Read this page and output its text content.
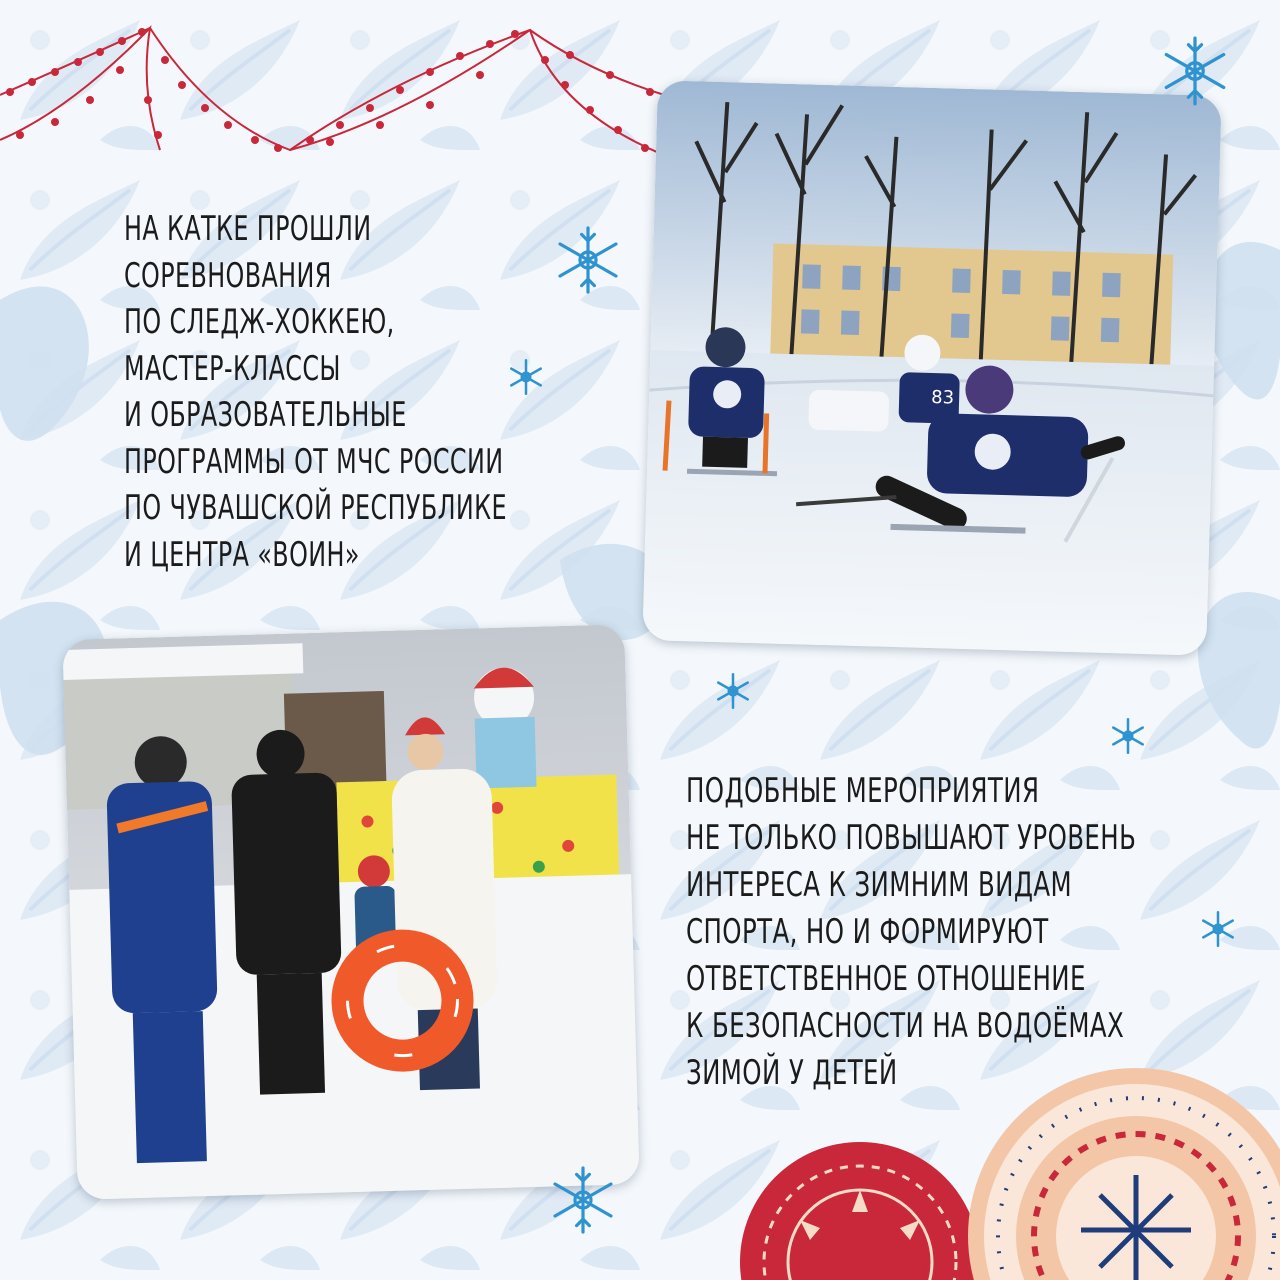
НА КАТКЕ ПРОШЛИ
СОРЕВНОВАНИЯ
ПО СЛЕДЖ-ХОККЕЮ,
МАСТЕР-КЛАССЫ
И ОБРАЗОВАТЕЛЬНЫЕ
ПРОГРАММЫ ОТ МЧС РОССИИ
ПО ЧУВАШСКОЙ РЕСПУБЛИКЕ
И ЦЕНТРА «ВОИН»
83
ПОДОБНЫЕ МЕРОПРИЯТИЯ
НЕ ТОЛЬКО ПОВЫШАЮТ УРОВЕНЬ
ИНТЕРЕСА К ЗИМНИМ ВИДАМ
СПОРТА, НО И ФОРМИРУЮТ
ОТВЕТСТВЕННОЕ ОТНОШЕНИЕ
К БЕЗОПАСНОСТИ НА ВОДОЁМАХ
ЗИМОЙ У ДЕТЕЙ
